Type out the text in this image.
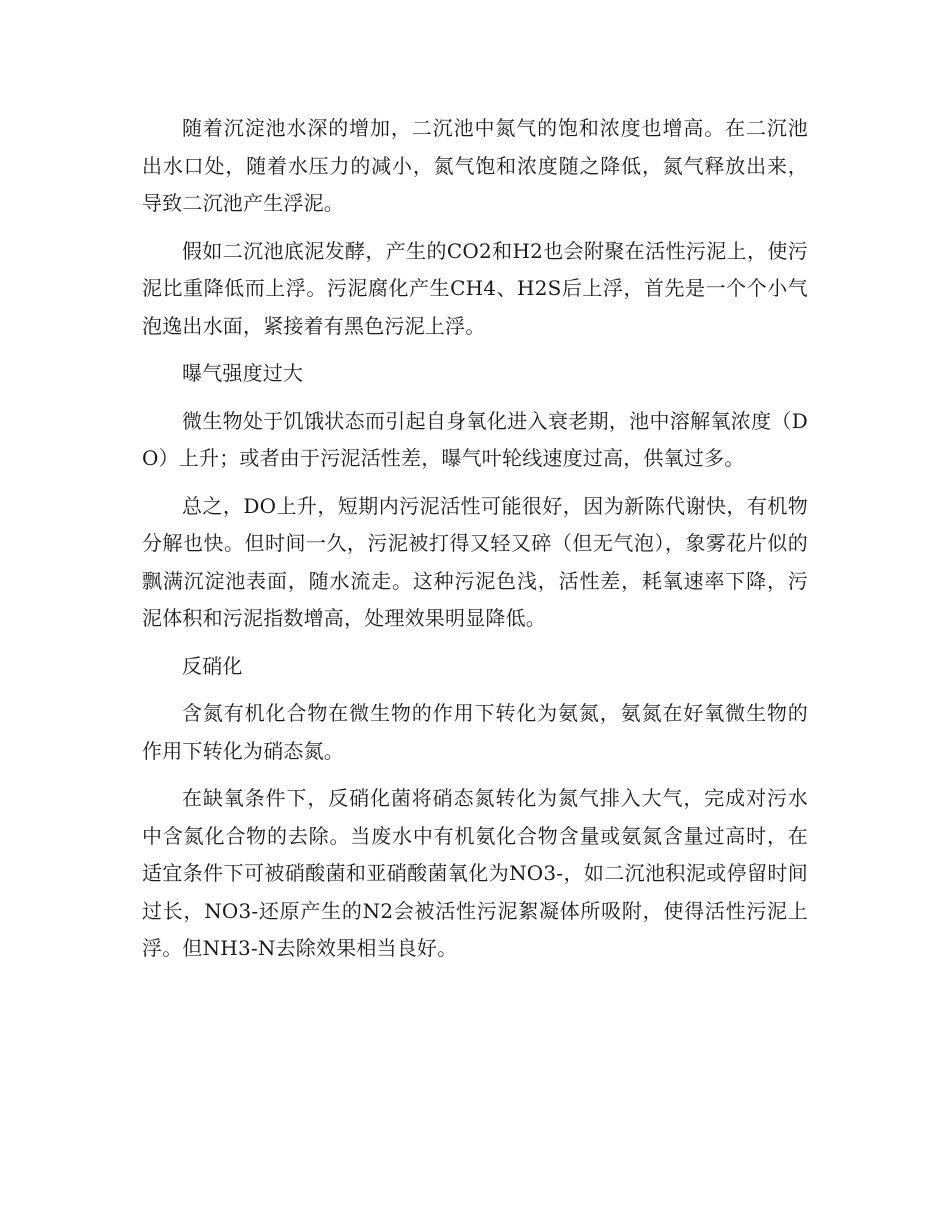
随着沉淀池水深的增加，二沉池中氮气的饱和浓度也增高。在二沉池出水口处，随着水压力的减小，氮气饱和浓度随之降低，氮气释放出来，导致二沉池产生浮泥。

假如二沉池底泥发酵，产生的CO2和H2也会附聚在活性污泥上，使污泥比重降低而上浮。污泥腐化产生CH4、H2S后上浮，首先是一个个小气泡逸出水面，紧接着有黑色污泥上浮。

曝气强度过大

微生物处于饥饿状态而引起自身氧化进入衰老期，池中溶解氧浓度（DO）上升；或者由于污泥活性差，曝气叶轮线速度过高，供氧过多。

总之，DO上升，短期内污泥活性可能很好，因为新陈代谢快，有机物分解也快。但时间一久，污泥被打得又轻又碎（但无气泡），象雾花片似的飘满沉淀池表面，随水流走。这种污泥色浅，活性差，耗氧速率下降，污泥体积和污泥指数增高，处理效果明显降低。

反硝化

含氮有机化合物在微生物的作用下转化为氨氮，氨氮在好氧微生物的作用下转化为硝态氮。

在缺氧条件下，反硝化菌将硝态氮转化为氮气排入大气，完成对污水中含氮化合物的去除。当废水中有机氨化合物含量或氨氮含量过高时，在适宜条件下可被硝酸菌和亚硝酸菌氧化为NO3-，如二沉池积泥或停留时间过长，NO3-还原产生的N2会被活性污泥絮凝体所吸附，使得活性污泥上浮。但NH3-N去除效果相当良好。
